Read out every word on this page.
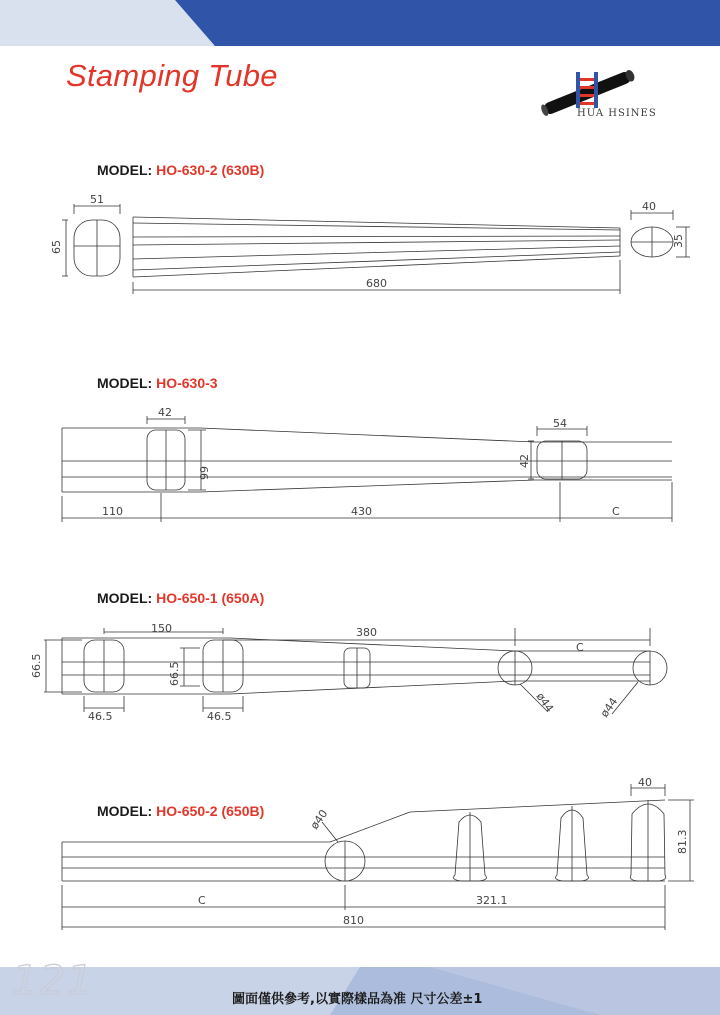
Stamping Tube
HUA HSINES
MODEL: HO-630-2 (630B)
51
65
680
40
35
MODEL: HO-630-3
42
66
54
42
110	430	C
MODEL: HO-650-1 (650A)
150	380
C
66.5	66.5
46.5	46.5
ø44	ø44
MODEL: HO-650-2 (650B)	ø40
40
81.3
C	321.1
810
121	圖面僅供參考,以實際樣品為准 尺寸公差±1
